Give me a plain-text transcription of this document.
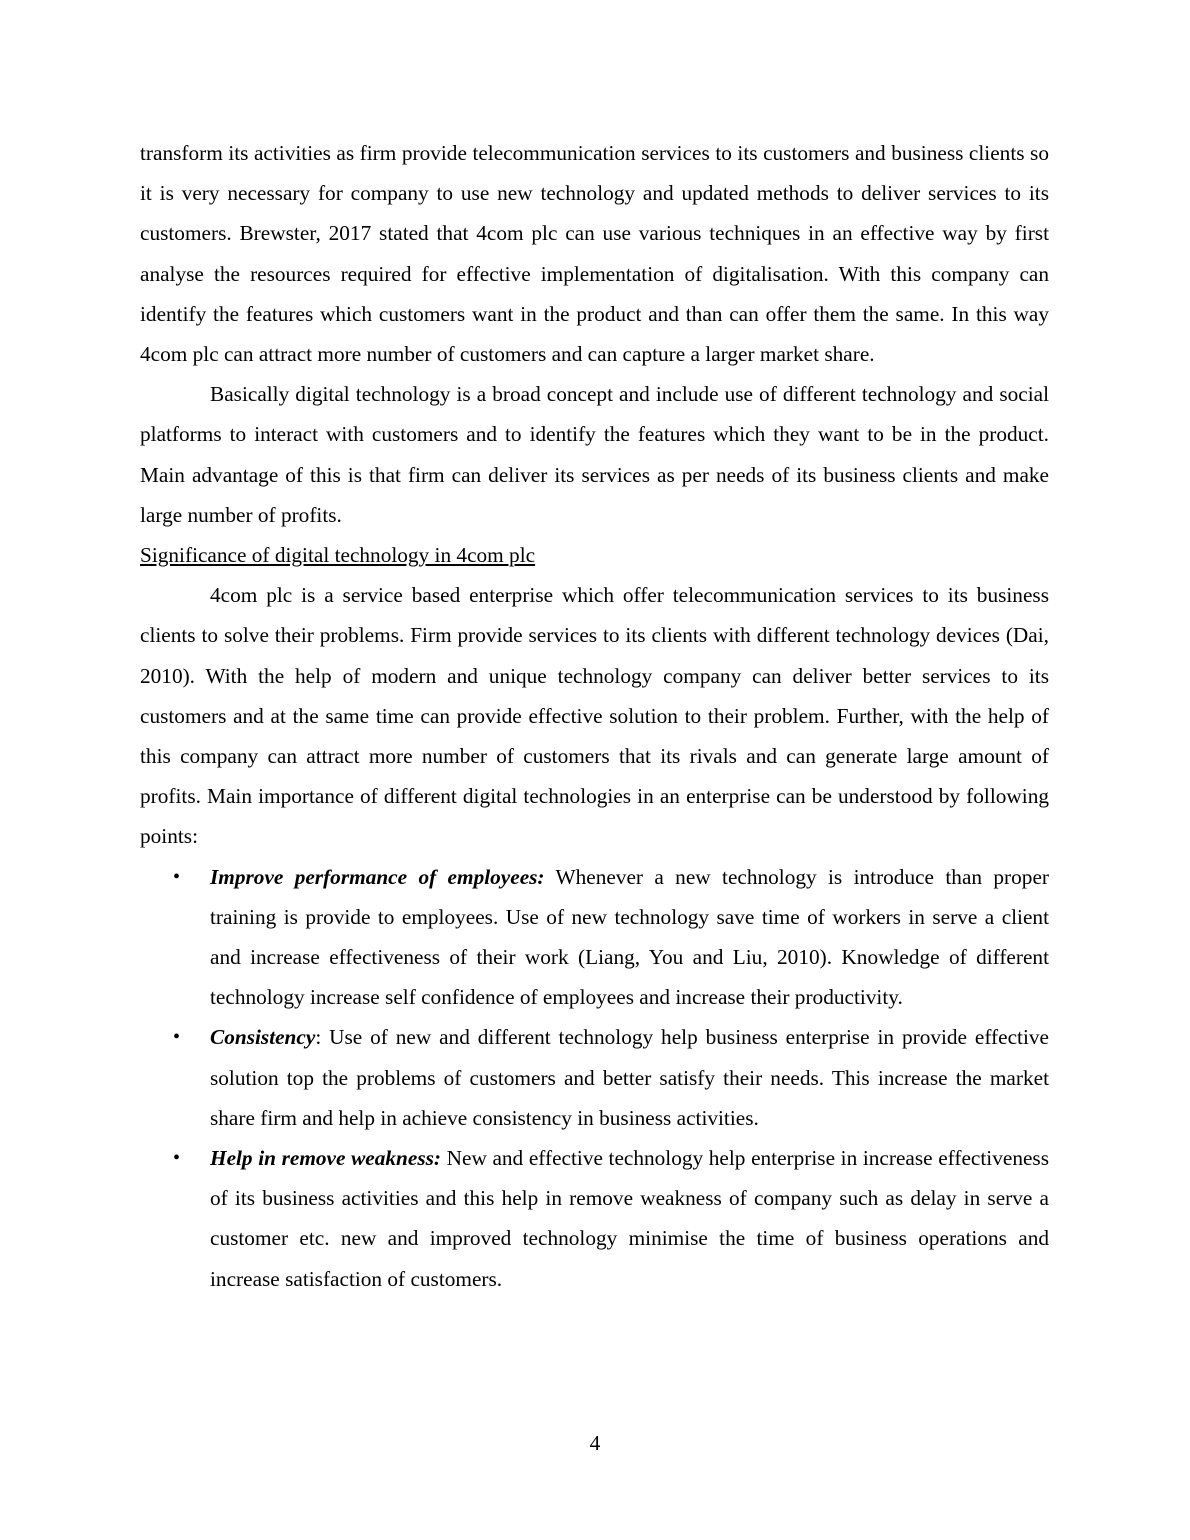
transform its activities as firm provide telecommunication services to its customers and business clients so it is very necessary for company to use new technology and updated methods to deliver services to its customers. Brewster, 2017 stated that 4com plc can use various techniques in an effective way by first analyse the resources required for effective implementation of digitalisation. With this company can identify the features which customers want in the product and than can offer them the same. In this way 4com plc can attract more number of customers and can capture a larger market share.

Basically digital technology is a broad concept and include use of different technology and social platforms to interact with customers and to identify the features which they want to be in the product. Main advantage of this is that firm can deliver its services as per needs of its business clients and make large number of profits.

Significance of digital technology in 4com plc

4com plc is a service based enterprise which offer telecommunication services to its business clients to solve their problems. Firm provide services to its clients with different technology devices (Dai, 2010). With the help of modern and unique technology company can deliver better services to its customers and at the same time can provide effective solution to their problem. Further, with the help of this company can attract more number of customers that its rivals and can generate large amount of profits. Main importance of different digital technologies in an enterprise can be understood by following points:

• Improve performance of employees: Whenever a new technology is introduce than proper training is provide to employees. Use of new technology save time of workers in serve a client and increase effectiveness of their work (Liang, You and Liu, 2010). Knowledge of different technology increase self confidence of employees and increase their productivity.
• Consistency: Use of new and different technology help business enterprise in provide effective solution top the problems of customers and better satisfy their needs. This increase the market share firm and help in achieve consistency in business activities.
• Help in remove weakness: New and effective technology help enterprise in increase effectiveness of its business activities and this help in remove weakness of company such as delay in serve a customer etc. new and improved technology minimise the time of business operations and increase satisfaction of customers.
4
